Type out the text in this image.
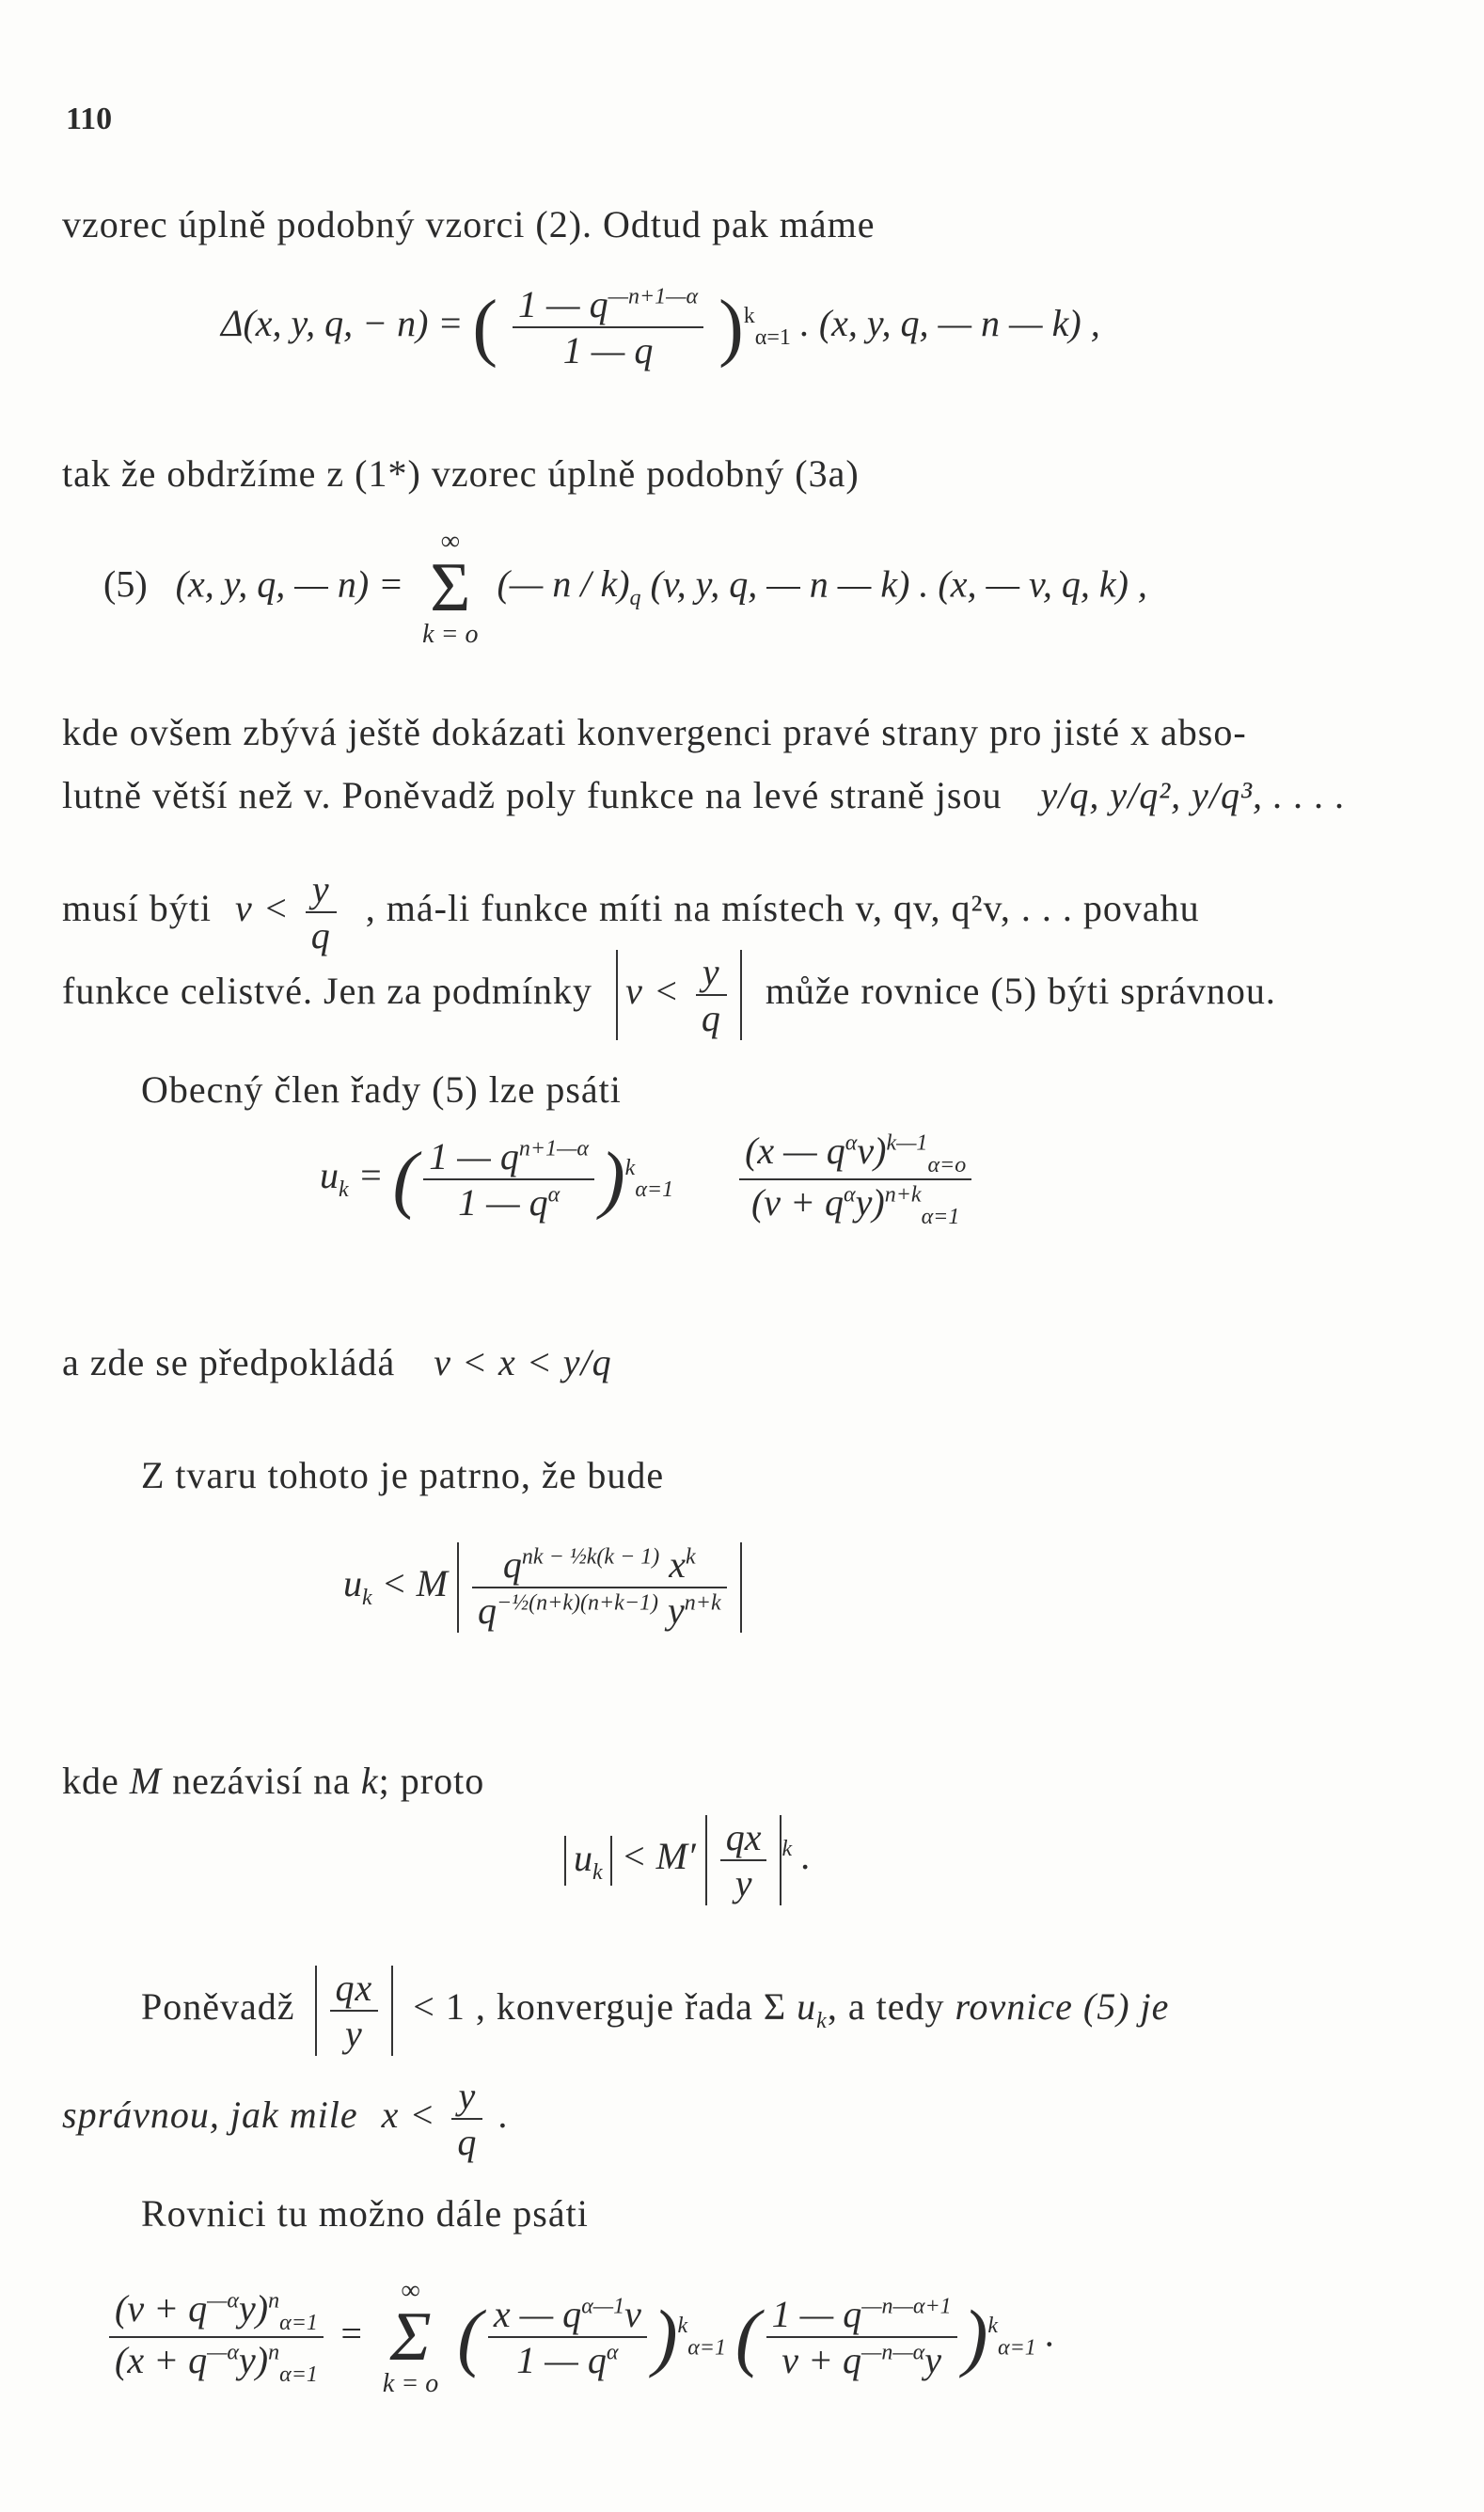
110
vzorec úplně podobný vzorci (2). Odtud pak máme
Δ(x, y, q, − n) = ( $\frac{1 — q^{—n+1—\alpha}}{1 — q} )^k_{\alpha=1}$ . (x, y, q, — n — k) ,
tak že obdržíme z (1*) vzorec úplně podobný (3a)
(5) (x, y, q, — n) =
∞
Σ
k = o
(— n / $k)_q$ (v, y, q, — n — k) . (x, — v, q, k) ,
kde ovšem zbývá ještě dokázati konvergenci pravé strany pro jisté x abso-
lutně větší než v. Poněvadž poly funkce na levé straně jsou y/q, y/q², y/q³, . . . .
musí býti $v < \frac{y}{q}$ , má-li funkce míti na místech v, qv, q²v, . . . povahu
funkce celistvé. Jen za podmínky $v < \frac{y}{q}$ může rovnice (5) býti správnou.
Obecný člen řady (5) lze psáti
$u_k$ = ( $\frac{1 — q^{n+1—\alpha}}{1 — q^\alpha} )^k_{\alpha=1} \frac{(x — q^\alpha v)^{k—1}_{\alpha=o}}{(v + q^\alpha y)^{n+k}_{\alpha=1}}$
a zde se předpokládá v < x < y/q
Z tvaru tohoto je patrno, že bude
$u_k < M \frac{q^{nk - \frac{1}{2}k(k - 1)} x^k}{q^{-\frac{1}{2}(n+k)(n+k-1)} y^{n+k}}$
kde M nezávisí na k; proto
$u_k < M' \frac{qx}{y} ^k$ .
Poněvadž $\frac{qx}{y} < 1$ , konverguje řada Σ $u_k$, a tedy rovnice (5) je
správnou, jak mile $x < \frac{y}{q}$ .
Rovnici tu možno dále psáti
$\frac{(v + q^{—\alpha}y)^n_{\alpha=1}}{(x + q^{—\alpha}y)^n_{\alpha=1}}$ =
∞
Σ
k = o
( $\frac{x — q^{\alpha—1}v}{1 — q^\alpha} )^k_{\alpha=1}$ ( $\frac{1 — q^{—n—\alpha+1}}{v + q^{—n—\alpha}y} )^k_{\alpha=1}$ .
